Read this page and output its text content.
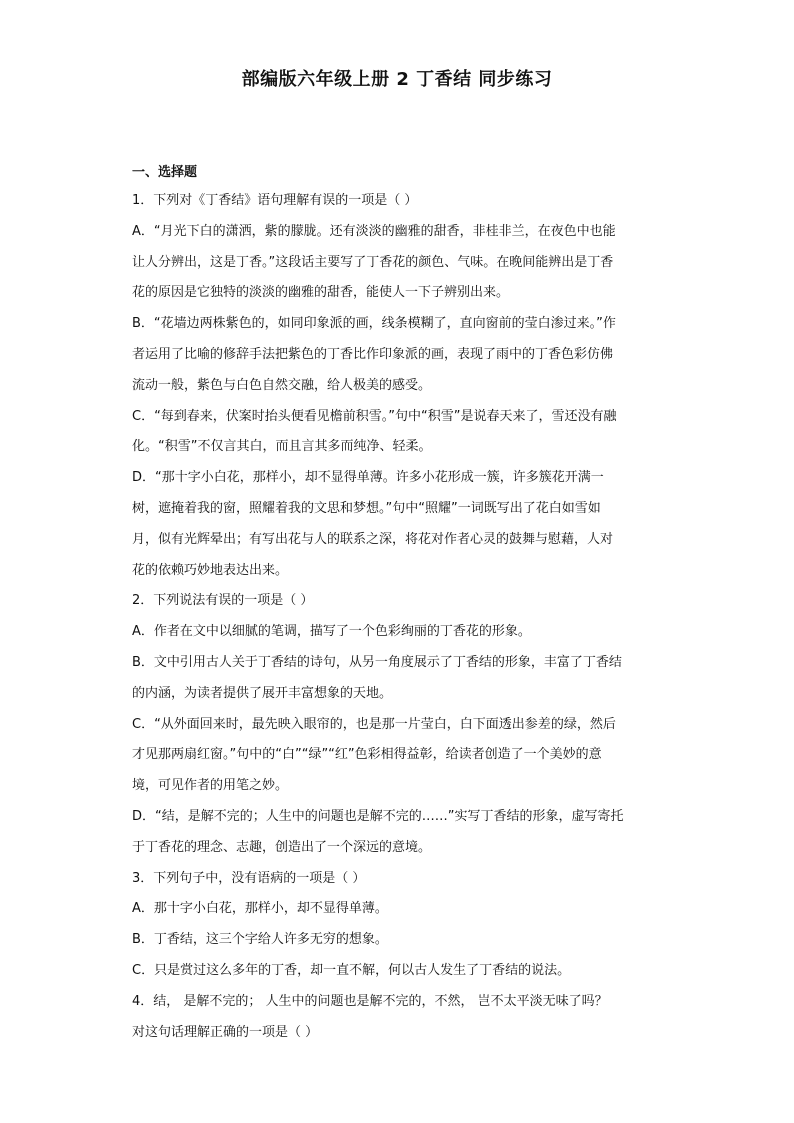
部编版六年级上册 2 丁香结 同步练习
一、选择题

1．下列对《丁香结》语句理解有误的一项是（ ）

A．“月光下白的潇洒，紫的朦胧。还有淡淡的幽雅的甜香，非桂非兰，在夜色中也能

让人分辨出，这是丁香。”这段话主要写了丁香花的颜色、气味。在晚间能辨出是丁香

花的原因是它独特的淡淡的幽雅的甜香，能使人一下子辨别出来。

B．“花墙边两株紫色的，如同印象派的画，线条模糊了，直向窗前的莹白渗过来。”作

者运用了比喻的修辞手法把紫色的丁香比作印象派的画，表现了雨中的丁香色彩仿佛

流动一般，紫色与白色自然交融，给人极美的感受。

C．“每到春来，伏案时抬头便看见檐前积雪。”句中“积雪”是说春天来了，雪还没有融

化。“积雪”不仅言其白，而且言其多而纯净、轻柔。

D．“那十字小白花，那样小，却不显得单薄。许多小花形成一簇，许多簇花开满一

树，遮掩着我的窗，照耀着我的文思和梦想。”句中“照耀”一词既写出了花白如雪如

月，似有光辉晕出；有写出花与人的联系之深，将花对作者心灵的鼓舞与慰藉，人对

花的依赖巧妙地表达出来。

2．下列说法有误的一项是（ ）

A．作者在文中以细腻的笔调，描写了一个色彩绚丽的丁香花的形象。

B．文中引用古人关于丁香结的诗句，从另一角度展示了丁香结的形象，丰富了丁香结

的内涵，为读者提供了展开丰富想象的天地。

C．“从外面回来时，最先映入眼帘的，也是那一片莹白，白下面透出参差的绿，然后

才见那两扇红窗。”句中的“白”“绿”“红”色彩相得益彰，给读者创造了一个美妙的意

境，可见作者的用笔之妙。

D．“结，是解不完的；人生中的问题也是解不完的……”实写丁香结的形象，虚写寄托

于丁香花的理念、志趣，创造出了一个深远的意境。

3．下列句子中，没有语病的一项是（ ）

A．那十字小白花，那样小，却不显得单薄。

B．丁香结，这三个字给人许多无穷的想象。

C．只是赏过这么多年的丁香，却一直不解，何以古人发生了丁香结的说法。

4．结， 是解不完的； 人生中的问题也是解不完的，不然， 岂不太平淡无味了吗？

对这句话理解正确的一项是（ ）
